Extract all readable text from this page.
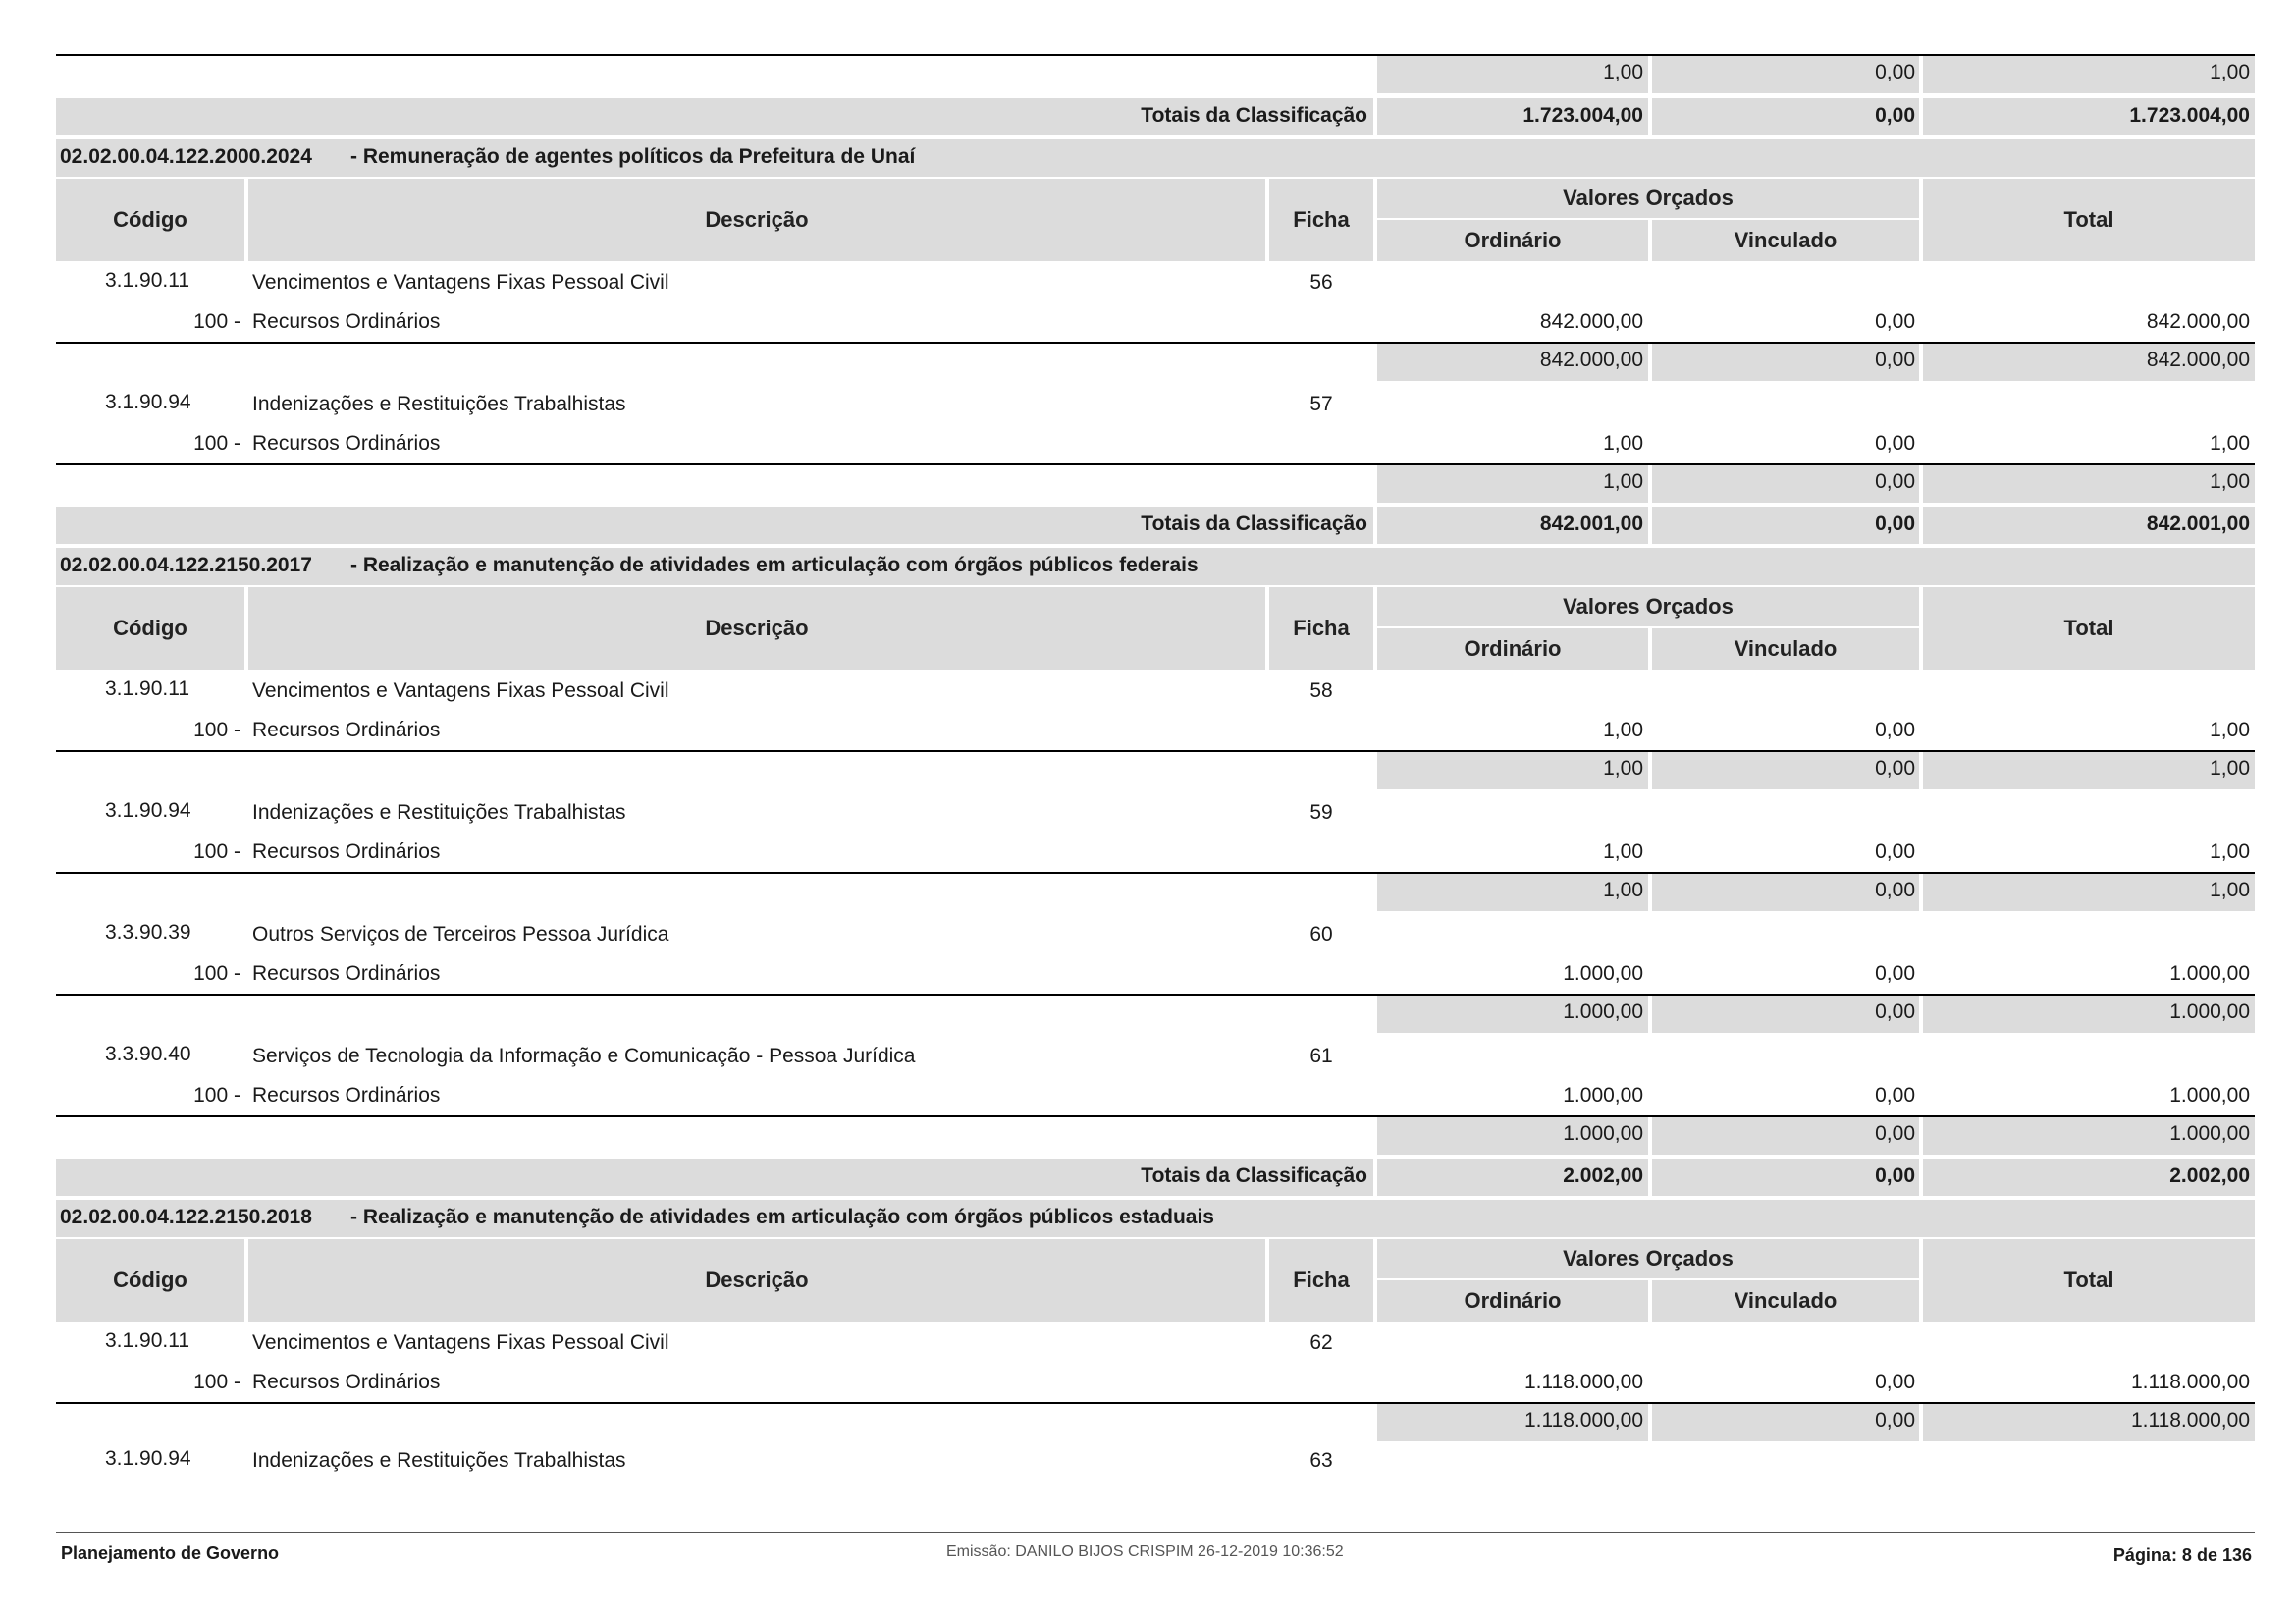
1,00	0,00	1,00
Totais da Classificação	1.723.004,00	0,00	1.723.004,00
02.02.00.04.122.2000.2024 - Remuneração de agentes políticos da Prefeitura de Unaí
Código	Descrição	Ficha
Valores Orçados
Ordinário	Vinculado
Total
3.1.90.11	Vencimentos e Vantagens Fixas Pessoal Civil	56
100 - Recursos Ordinários	842.000,00	0,00	842.000,00
842.000,00	0,00	842.000,00
3.1.90.94	Indenizações e Restituições Trabalhistas	57
100 - Recursos Ordinários	1,00	0,00	1,00
1,00	0,00	1,00
Totais da Classificação	842.001,00	0,00	842.001,00
02.02.00.04.122.2150.2017 - Realização e manutenção de atividades em articulação com órgãos públicos federais
Código	Descrição	Ficha
Valores Orçados
Ordinário	Vinculado
Total
3.1.90.11	Vencimentos e Vantagens Fixas Pessoal Civil	58
100 - Recursos Ordinários	1,00	0,00	1,00
1,00	0,00	1,00
3.1.90.94	Indenizações e Restituições Trabalhistas	59
100 - Recursos Ordinários	1,00	0,00	1,00
1,00	0,00	1,00
3.3.90.39	Outros Serviços de Terceiros Pessoa Jurídica	60
100 - Recursos Ordinários	1.000,00	0,00	1.000,00
1.000,00	0,00	1.000,00
3.3.90.40	Serviços de Tecnologia da Informação e Comunicação - Pessoa Jurídica	61
100 - Recursos Ordinários	1.000,00	0,00	1.000,00
1.000,00	0,00	1.000,00
Totais da Classificação	2.002,00	0,00	2.002,00
02.02.00.04.122.2150.2018 - Realização e manutenção de atividades em articulação com órgãos públicos estaduais
Código	Descrição	Ficha
Valores Orçados
Ordinário	Vinculado
Total
3.1.90.11	Vencimentos e Vantagens Fixas Pessoal Civil	62
100 - Recursos Ordinários	1.118.000,00	0,00	1.118.000,00
1.118.000,00	0,00	1.118.000,00
3.1.90.94	Indenizações e Restituições Trabalhistas	63
Planejamento de Governo	Emissão: DANILO BIJOS CRISPIM 26-12-2019 10:36:52	Página: 8 de 136
